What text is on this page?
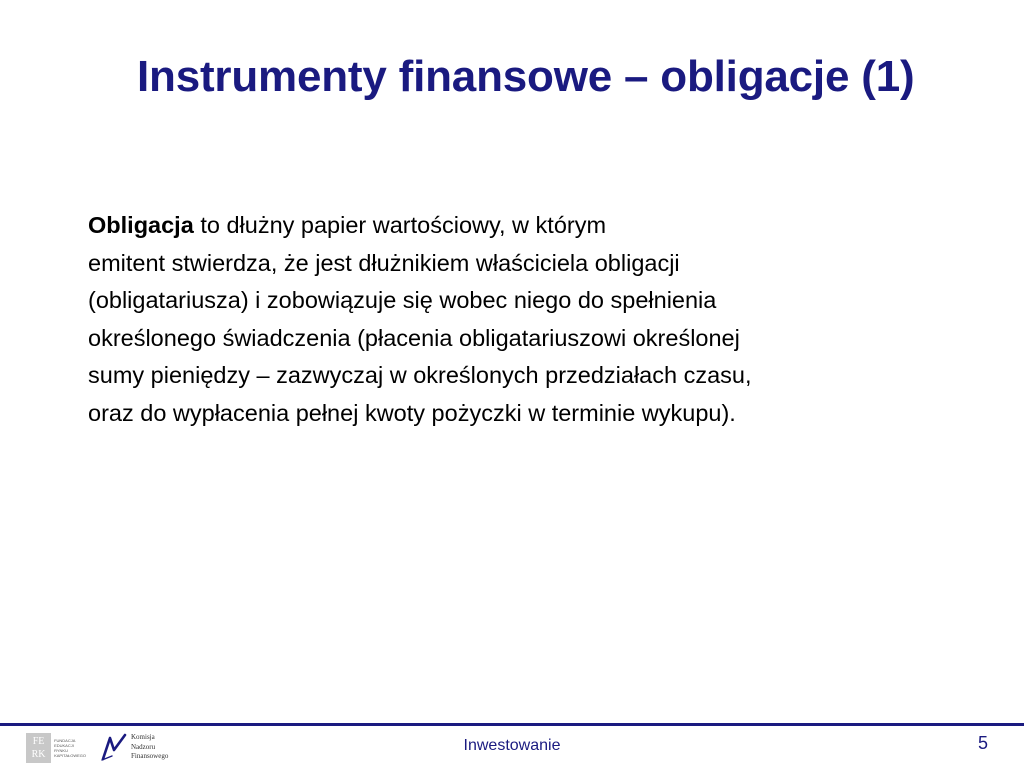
Instrumenty finansowe – obligacje (1)
Obligacja to dłużny papier wartościowy, w którym
emitent stwierdza, że jest dłużnikiem właściciela obligacji
(obligatariusza) i zobowiązuje się wobec niego do spełnienia
określonego świadczenia (płacenia obligatariuszowi określonej
sumy pieniędzy – zazwyczaj w określonych przedziałach czasu,
oraz do wypłacenia pełnej kwoty pożyczki w terminie wykupu).
FE
RK
FUNDACJA
EDUKACJI
RYNKU
KAPITAŁOWEGO
Komisja
Nadzoru
Finansowego
Inwestowanie	5
